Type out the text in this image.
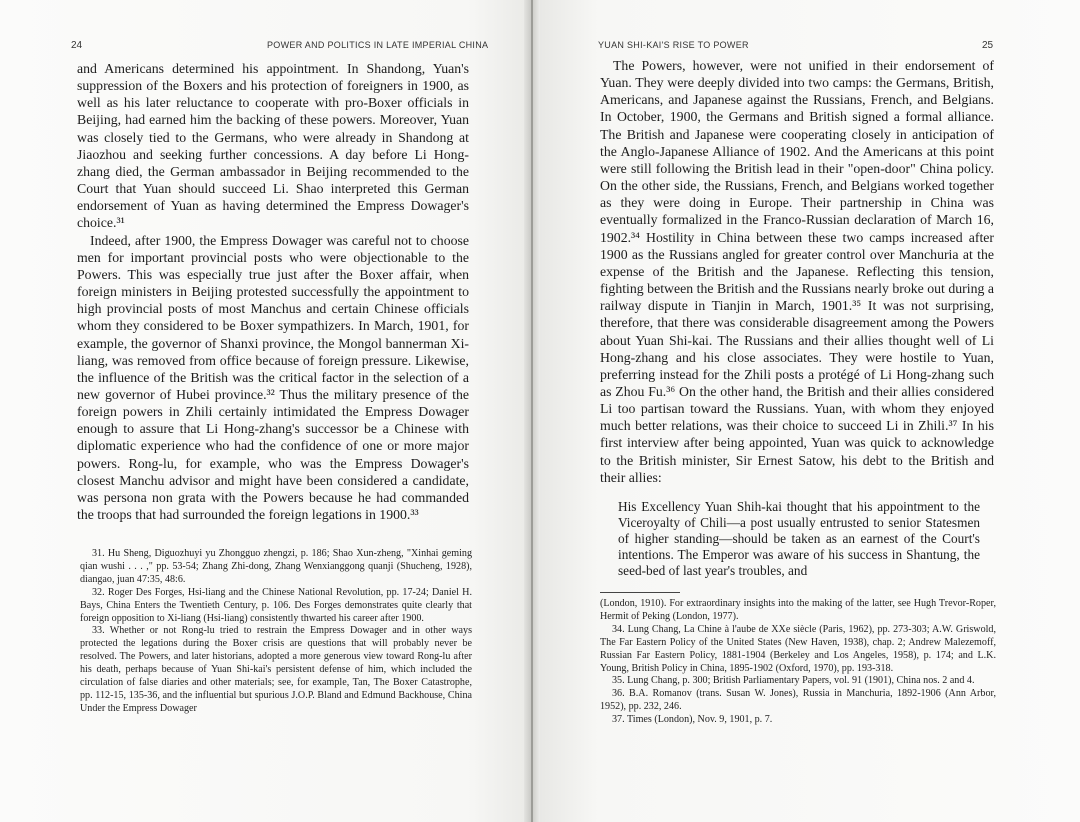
24	POWER AND POLITICS IN LATE IMPERIAL CHINA

and Americans determined his appointment. In Shandong, Yuan's suppression of the Boxers and his protection of foreigners in 1900, as well as his later reluctance to cooperate with pro-Boxer officials in Beijing, had earned him the backing of these powers. Moreover, Yuan was closely tied to the Germans, who were already in Shandong at Jiaozhou and seeking further concessions. A day before Li Hong-zhang died, the German ambassador in Beijing recommended to the Court that Yuan should succeed Li. Shao interpreted this German endorsement of Yuan as having determined the Empress Dowager's choice.³¹

Indeed, after 1900, the Empress Dowager was careful not to choose men for important provincial posts who were objectionable to the Powers. This was especially true just after the Boxer affair, when foreign ministers in Beijing protested successfully the appointment to high provincial posts of most Manchus and certain Chinese officials whom they considered to be Boxer sympathizers. In March, 1901, for example, the governor of Shanxi province, the Mongol bannerman Xi-liang, was removed from office because of foreign pressure. Likewise, the influence of the British was the critical factor in the selection of a new governor of Hubei province.³² Thus the military presence of the foreign powers in Zhili certainly intimidated the Empress Dowager enough to assure that Li Hong-zhang's successor be a Chinese with diplomatic experience who had the confidence of one or more major powers. Rong-lu, for example, who was the Empress Dowager's closest Manchu advisor and might have been considered a candidate, was persona non grata with the Powers because he had commanded the troops that had surrounded the foreign legations in 1900.³³

31. Hu Sheng, Diguozhuyi yu Zhongguo zhengzi, p. 186; Shao Xun-zheng, "Xinhai geming qian wushi . . . ," pp. 53-54; Zhang Zhi-dong, Zhang Wenxianggong quanji (Shucheng, 1928), diangao, juan 47:35, 48:6.

32. Roger Des Forges, Hsi-liang and the Chinese National Revolution, pp. 17-24; Daniel H. Bays, China Enters the Twentieth Century, p. 106. Des Forges demonstrates quite clearly that foreign opposition to Xi-liang (Hsi-liang) consistently thwarted his career after 1900.

33. Whether or not Rong-lu tried to restrain the Empress Dowager and in other ways protected the legations during the Boxer crisis are questions that will probably never be resolved. The Powers, and later historians, adopted a more generous view toward Rong-lu after his death, perhaps because of Yuan Shi-kai's persistent defense of him, which included the circulation of false diaries and other materials; see, for example, Tan, The Boxer Catastrophe, pp. 112-15, 135-36, and the influential but spurious J.O.P. Bland and Edmund Backhouse, China Under the Empress Dowager

YUAN SHI-KAI'S RISE TO POWER	25

The Powers, however, were not unified in their endorsement of Yuan. They were deeply divided into two camps: the Germans, British, Americans, and Japanese against the Russians, French, and Belgians. In October, 1900, the Germans and British signed a formal alliance. The British and Japanese were cooperating closely in anticipation of the Anglo-Japanese Alliance of 1902. And the Americans at this point were still following the British lead in their "open-door" China policy. On the other side, the Russians, French, and Belgians worked together as they were doing in Europe. Their partnership in China was eventually formalized in the Franco-Russian declaration of March 16, 1902.³⁴ Hostility in China between these two camps increased after 1900 as the Russians angled for greater control over Manchuria at the expense of the British and the Japanese. Reflecting this tension, fighting between the British and the Russians nearly broke out during a railway dispute in Tianjin in March, 1901.³⁵ It was not surprising, therefore, that there was considerable disagreement among the Powers about Yuan Shi-kai. The Russians and their allies thought well of Li Hong-zhang and his close associates. They were hostile to Yuan, preferring instead for the Zhili posts a protégé of Li Hong-zhang such as Zhou Fu.³⁶ On the other hand, the British and their allies considered Li too partisan toward the Russians. Yuan, with whom they enjoyed much better relations, was their choice to succeed Li in Zhili.³⁷ In his first interview after being appointed, Yuan was quick to acknowledge to the British minister, Sir Ernest Satow, his debt to the British and their allies:

His Excellency Yuan Shih-kai thought that his appointment to the Viceroyalty of Chili—a post usually entrusted to senior Statesmen of higher standing—should be taken as an earnest of the Court's intentions. The Emperor was aware of his success in Shantung, the seed-bed of last year's troubles, and

(London, 1910). For extraordinary insights into the making of the latter, see Hugh Trevor-Roper, Hermit of Peking (London, 1977).

34. Lung Chang, La Chine à l'aube de XXe siècle (Paris, 1962), pp. 273-303; A.W. Griswold, The Far Eastern Policy of the United States (New Haven, 1938), chap. 2; Andrew Malezemoff, Russian Far Eastern Policy, 1881-1904 (Berkeley and Los Angeles, 1958), p. 174; and L.K. Young, British Policy in China, 1895-1902 (Oxford, 1970), pp. 193-318.

35. Lung Chang, p. 300; British Parliamentary Papers, vol. 91 (1901), China nos. 2 and 4.

36. B.A. Romanov (trans. Susan W. Jones), Russia in Manchuria, 1892-1906 (Ann Arbor, 1952), pp. 232, 246.

37. Times (London), Nov. 9, 1901, p. 7.
